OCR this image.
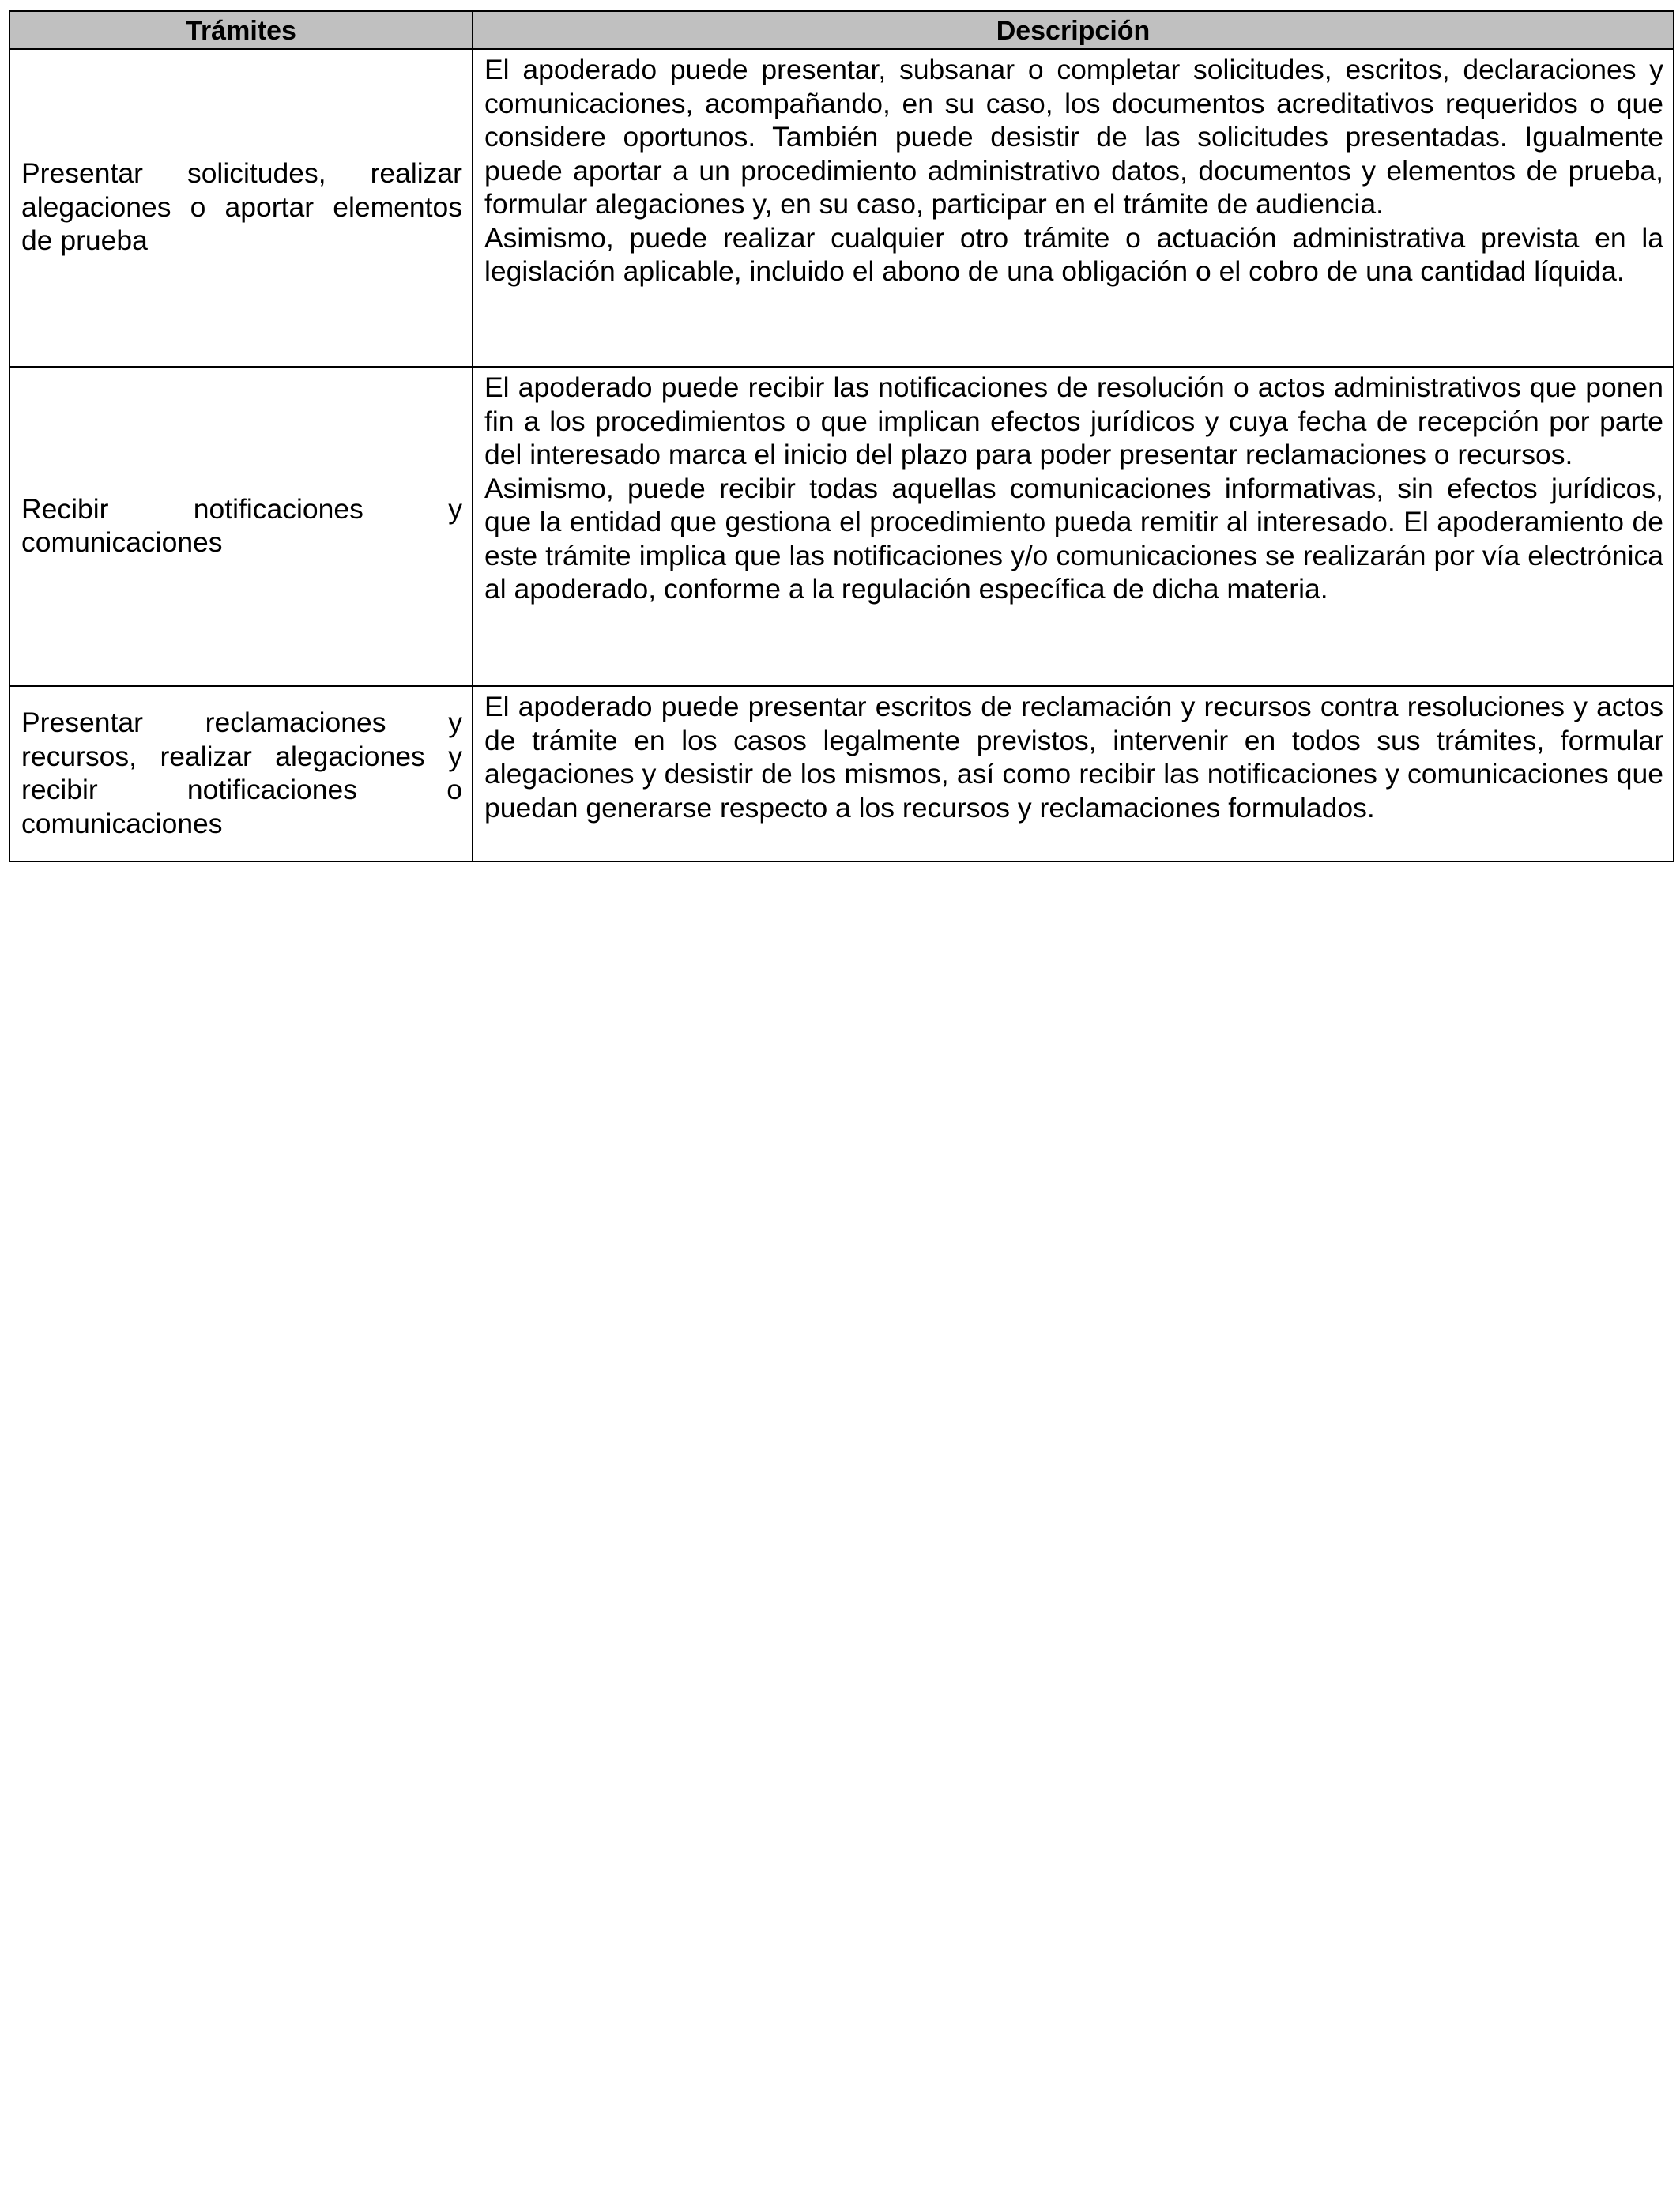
Trámites	Descripción
Presentar solicitudes, realizar alegaciones o aportar elementos de prueba	El apoderado puede presentar, subsanar o completar solicitudes, escritos, declaraciones y comunicaciones, acompañando, en su caso, los documentos acreditativos requeridos o que considere oportunos. También puede desistir de las solicitudes presentadas. Igualmente puede aportar a un procedimiento administrativo datos, documentos y elementos de prueba, formular alegaciones y, en su caso, participar en el trámite de audiencia.

Asimismo, puede realizar cualquier otro trámite o actuación administrativa prevista en la legislación aplicable, incluido el abono de una obligación o el cobro de una cantidad líquida.

Recibir notificaciones y comunicaciones	El apoderado puede recibir las notificaciones de resolución o actos administrativos que ponen fin a los procedimientos o que implican efectos jurídicos y cuya fecha de recepción por parte del interesado marca el inicio del plazo para poder presentar reclamaciones o recursos.

Asimismo, puede recibir todas aquellas comunicaciones informativas, sin efectos jurídicos, que la entidad que gestiona el procedimiento pueda remitir al interesado. El apoderamiento de este trámite implica que las notificaciones y/o comunicaciones se realizarán por vía electrónica al apoderado, conforme a la regulación específica de dicha materia.

Presentar reclamaciones y recursos, realizar alegaciones y recibir notificaciones o comunicaciones	El apoderado puede presentar escritos de reclamación y recursos contra resoluciones y actos de trámite en los casos legalmente previstos, intervenir en todos sus trámites, formular alegaciones y desistir de los mismos, así como recibir las notificaciones y comunicaciones que puedan generarse respecto a los recursos y reclamaciones formulados.
